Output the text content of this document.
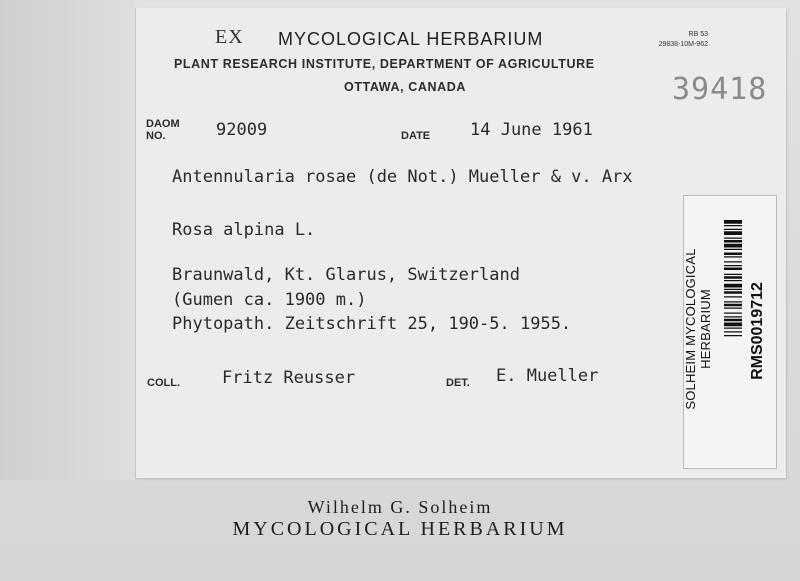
EX MYCOLOGICAL HERBARIUM	RB 53
29838-10M-962
PLANT RESEARCH INSTITUTE, DEPARTMENT OF AGRICULTURE
OTTAWA, CANADA	39418
DAOM
NO.	92009	DATE 14 June 1961
Antennularia rosae (de Not.) Mueller & v. Arx
Rosa alpina L.
Braunwald, Kt. Glarus, Switzerland
(Gumen ca. 1900 m.)
Phytopath. Zeitschrift 25, 190-5. 1955.
COLL. Fritz Reusser	DET. E. Mueller	SOLHEIM MYCOLOGICAL HERBARIUM RMS0019712
Wilhelm G. Solheim
MYCOLOGICAL HERBARIUM
